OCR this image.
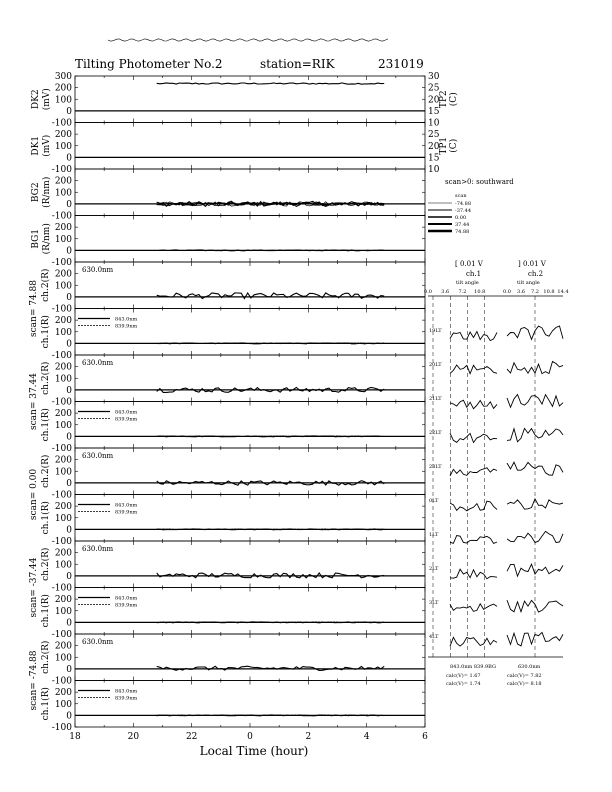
Tilting Photometer No.2	station=RIK	231019
Local Time (hour)
scan>0: southward
scan
-74.88
-37.44
0.00
37.44
74.88
300
200
100
0
-100
DK2 (mV)
30
25
20
15
10
TP2 (C)
200
100
0
-100
DK1 (mV)	25
20
15
10
TP1 (C)
200
100
0
-100
BG2 (R/nm)
200
100
0
-100
BG1 (R/nm)
200
100
0
-100
ch.2(R)
scan= 74.88
630.0nm
200
100
0
-100
ch.1(R)	843.0nm
839.9nm
200
100
0
-100
ch.2(R)
scan= 37.44
630.0nm
200
100
0
-100
ch.1(R)	843.0nm
839.9nm
200
100
0
-100
ch.2(R)
scan= 0.00
630.0nm
200
100
0
-100
ch.1(R)	843.0nm
839.9nm
200
100
0
-100
ch.2(R)
scan= -37.44
630.0nm
200
100
0
-100
ch.1(R)	843.0nm
839.9nm
200
100
0
-100
ch.2(R)
scan= -74.88
630.0nm
200
100
0
-100
ch.1(R)	843.0nm
839.9nm
18	20	22	0	2	4	6
[ 0.01 V
ch.1
] 0.01 V
ch.2
tilt angle	tilt angle
0.0 3.6 7.2 10.8	0.0 3.6 7.2 10.8 14.4
19LT
20LT
21LT
22LT
23LT
0LT
1LT
2LT
3LT
4LT
843.0nm 839.9BG	630.0nm
calc(V)= 1.67
calc(V)= 1.74
calc(V)= 7.82
calc(V)= 8.18
